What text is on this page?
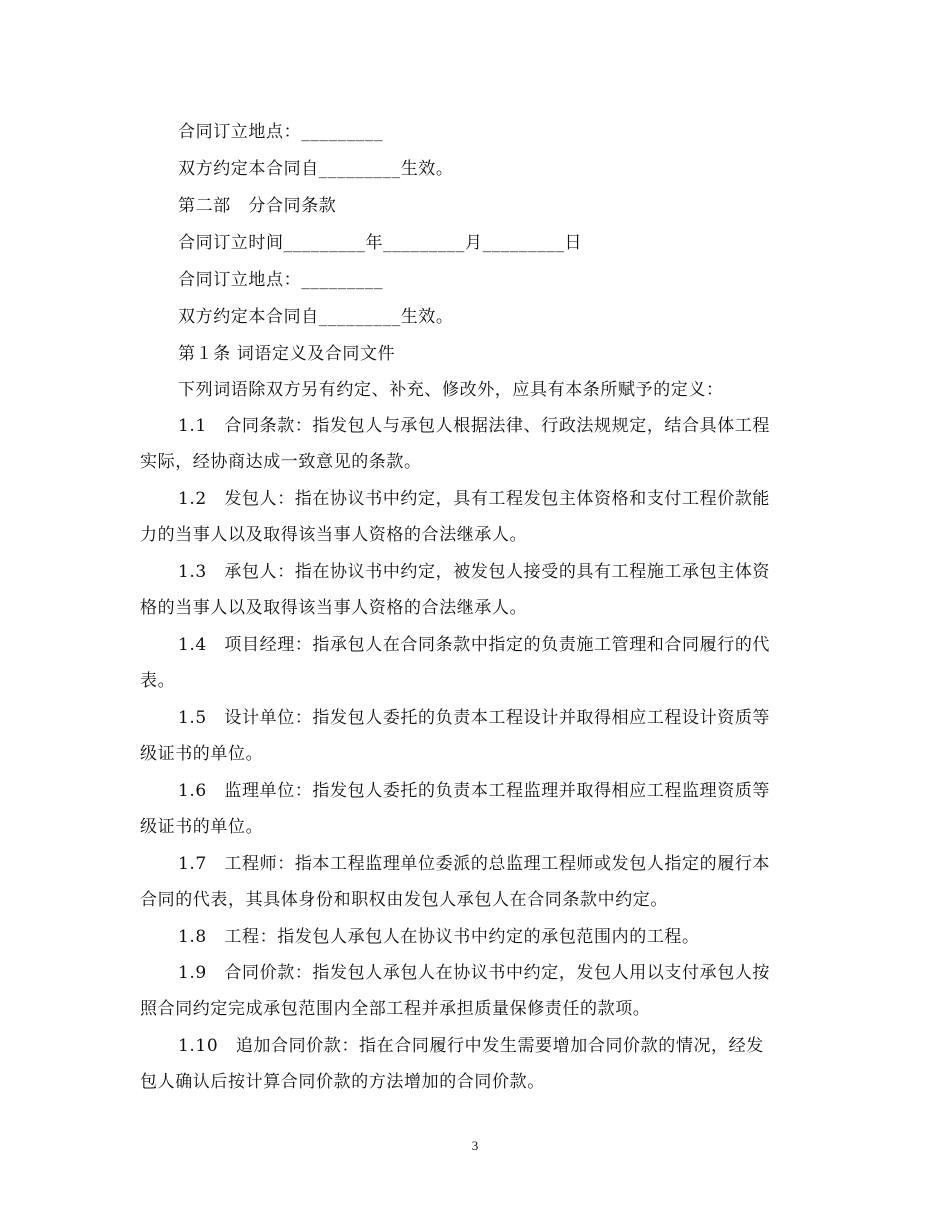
合同订立地点：_________
双方约定本合同自_________生效。
第二部　分合同条款
合同订立时间_________年_________月_________日
合同订立地点：_________
双方约定本合同自_________生效。
第１条 词语定义及合同文件
下列词语除双方另有约定、补充、修改外，应具有本条所赋予的定义：
1.1　合同条款：指发包人与承包人根据法律、行政法规规定，结合具体工程
实际，经协商达成一致意见的条款。
1.2　发包人：指在协议书中约定，具有工程发包主体资格和支付工程价款能
力的当事人以及取得该当事人资格的合法继承人。
1.3　承包人：指在协议书中约定，被发包人接受的具有工程施工承包主体资
格的当事人以及取得该当事人资格的合法继承人。
1.4　项目经理：指承包人在合同条款中指定的负责施工管理和合同履行的代
表。
1.5　设计单位：指发包人委托的负责本工程设计并取得相应工程设计资质等
级证书的单位。
1.6　监理单位：指发包人委托的负责本工程监理并取得相应工程监理资质等
级证书的单位。
1.7　工程师：指本工程监理单位委派的总监理工程师或发包人指定的履行本
合同的代表，其具体身份和职权由发包人承包人在合同条款中约定。
1.8　工程：指发包人承包人在协议书中约定的承包范围内的工程。
1.9　合同价款：指发包人承包人在协议书中约定，发包人用以支付承包人按
照合同约定完成承包范围内全部工程并承担质量保修责任的款项。
1.10　追加合同价款：指在合同履行中发生需要增加合同价款的情况，经发
包人确认后按计算合同价款的方法增加的合同价款。
3
